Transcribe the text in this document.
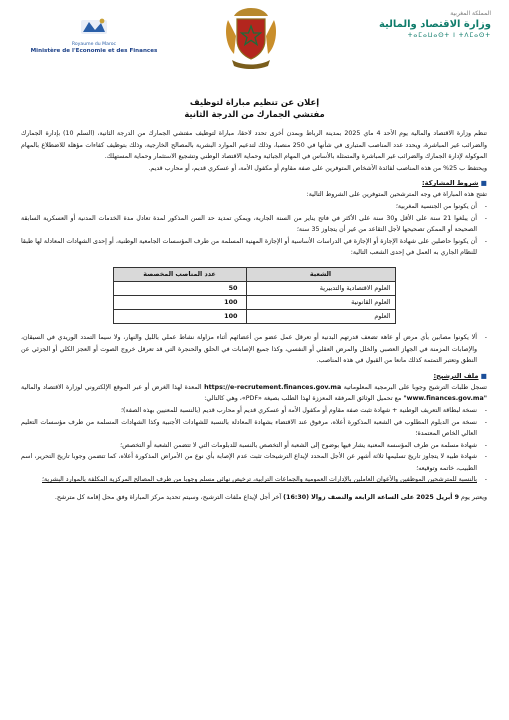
Royaume du Maroc
Ministère de l'Economie et des Finances
المملكة المغربية
وزارة الاقتصاد والمالية
ⵜⴰⵎⴰⵡⴰⵙⵜ ⵏ ⵜⴷⵎⴰⵙⵜ
إعلان عن تنظيم مباراة لتوظيف
مفتشي الجمارك من الدرجة الثانية

تنظم وزارة الاقتصاد والمالية يوم الأحد 4 ماي 2025 بمدينة الرباط وبمدن أخرى تحدد لاحقا، مباراة لتوظيف مفتشي الجمارك من الدرجة الثانية، (السلم 10) بإدارة الجمارك والضرائب غير المباشرة، ويحدد عدد المناصب المتبارى في شأنها في 250 منصبا، وذلك لتدعيم الموارد البشرية بالمصالح الخارجية، وذلك بتوظيف كفاءات مؤهلة للاضطلاع بالمهام الموكولة لإدارة الجمارك والضرائب غير المباشرة والمتمثلة بالأساس في المهام الجبائية وحماية الاقتصاد الوطني وتشجيع الاستثمار وحماية المستهلك.

ويحتفظ ب 25% من هذه المناصب لفائدة الأشخاص المتوفرين على صفة مقاوم أو مكفول الأمة، أو عسكري قديم، أو محارب قديم.

■ شروط المشاركة:

تفتح هذه المباراة في وجه المترشحين المتوفرين على الشروط التالية:

- أن يكونوا من الجنسية المغربية؛
- أن يبلغوا 21 سنة على الأقل و30 سنة على الأكثر في فاتح يناير من السنة الجارية، ويمكن تمديد حد السن المذكور لمدة تعادل مدة الخدمات المدنية أو العسكرية السابقة الصحيحة أو الممكن تصحيحها لأجل التقاعد من غير أن يتجاوز 35 سنة؛
- أن يكونوا حاصلين على شهادة الإجازة أو الإجازة في الدراسات الأساسية أو الإجازة المهنية المسلمة من طرف المؤسسات الجامعية الوطنية، أو إحدى الشهادات المعادلة لها طبقا للنظام الجاري به العمل في إحدى الشعب التالية:
الشعبة	عدد المناصب المخصصة
العلوم الاقتصادية والتدبيرية	50
العلوم القانونية	100
العلوم	100
- ألا يكونوا مصابين بأي مرض أو عاهة تضعف قدرتهم البدنية أو تعرقل عمل عضو من أعضائهم أثناء مزاولة نشاط عملي بالليل والنهار، ولا سيما التمدد الوريدي في السيقان، والإصابات المزمنة في الجهاز العصبي والخلل والمرض العقلي أو النفسي، وكذا جميع الإصابات في الحلق والحنجرة التي قد تعرقل خروج الصوت أو العجز الكلي أو الجزئي عن النطق وتعتبر التمتمة كذلك مانعا من القبول في هذه المناصب.
■ ملف الترشيح:

تسجل طلبات الترشيح وجوبا على البرمجية المعلوماتية https://e-recrutement.finances.gov.ma المعدة لهذا الغرض أو عبر الموقع الإلكتروني لوزارة الاقتصاد والمالية "www.finances.gov.ma" مع تحميل الوثائق المرفقة المعززة لهذا الطلب بصيغة «PDF»، وهي كالتالي:

- نسخة لبطاقة التعريف الوطنية + شهادة تثبت صفة مقاوم أو مكفول الأمة أو عسكري قديم أو محارب قديم (بالنسبة للمعنيين بهذه الصفة)؛
- نسخة من الدبلوم المطلوب في الشعبة المذكورة أعلاه، مرفوق عند الاقتضاء بشهادة المعادلة بالنسبة للشهادات الأجنبية وكذا الشهادات المسلمة من طرف مؤسسات التعليم العالي الخاص المعتمدة؛
- شهادة مسلمة من طرف المؤسسة المعنية يشار فيها بوضوح إلى الشعبة أو التخصص بالنسبة للدبلومات التي لا تتضمن الشعبة أو التخصص؛
- شهادة طبية لا يتجاوز تاريخ تسليمها ثلاثة أشهر عن الأجل المحدد لإيداع الترشيحات تثبت عدم الإصابة بأي نوع من الأمراض المذكورة أعلاه، كما تتضمن وجوبا تاريخ التحرير، اسم الطبيب، خاتمه وتوقيعه؛
- بالنسبة للمترشحين الموظفين والأعوان العاملين بالإدارات العمومية والجماعات الترابية، ترخيص نهائي مسلم وجوبا من طرف المصالح المركزية المكلفة بالموارد البشرية؛

ويعتبر يوم 9 أبريل 2025 على الساعة الرابعة والنصف زوالا (16:30) آخر أجل لإيداع ملفات الترشيح، وسيتم تحديد مركز المباراة وفق محل إقامة كل مترشح.
